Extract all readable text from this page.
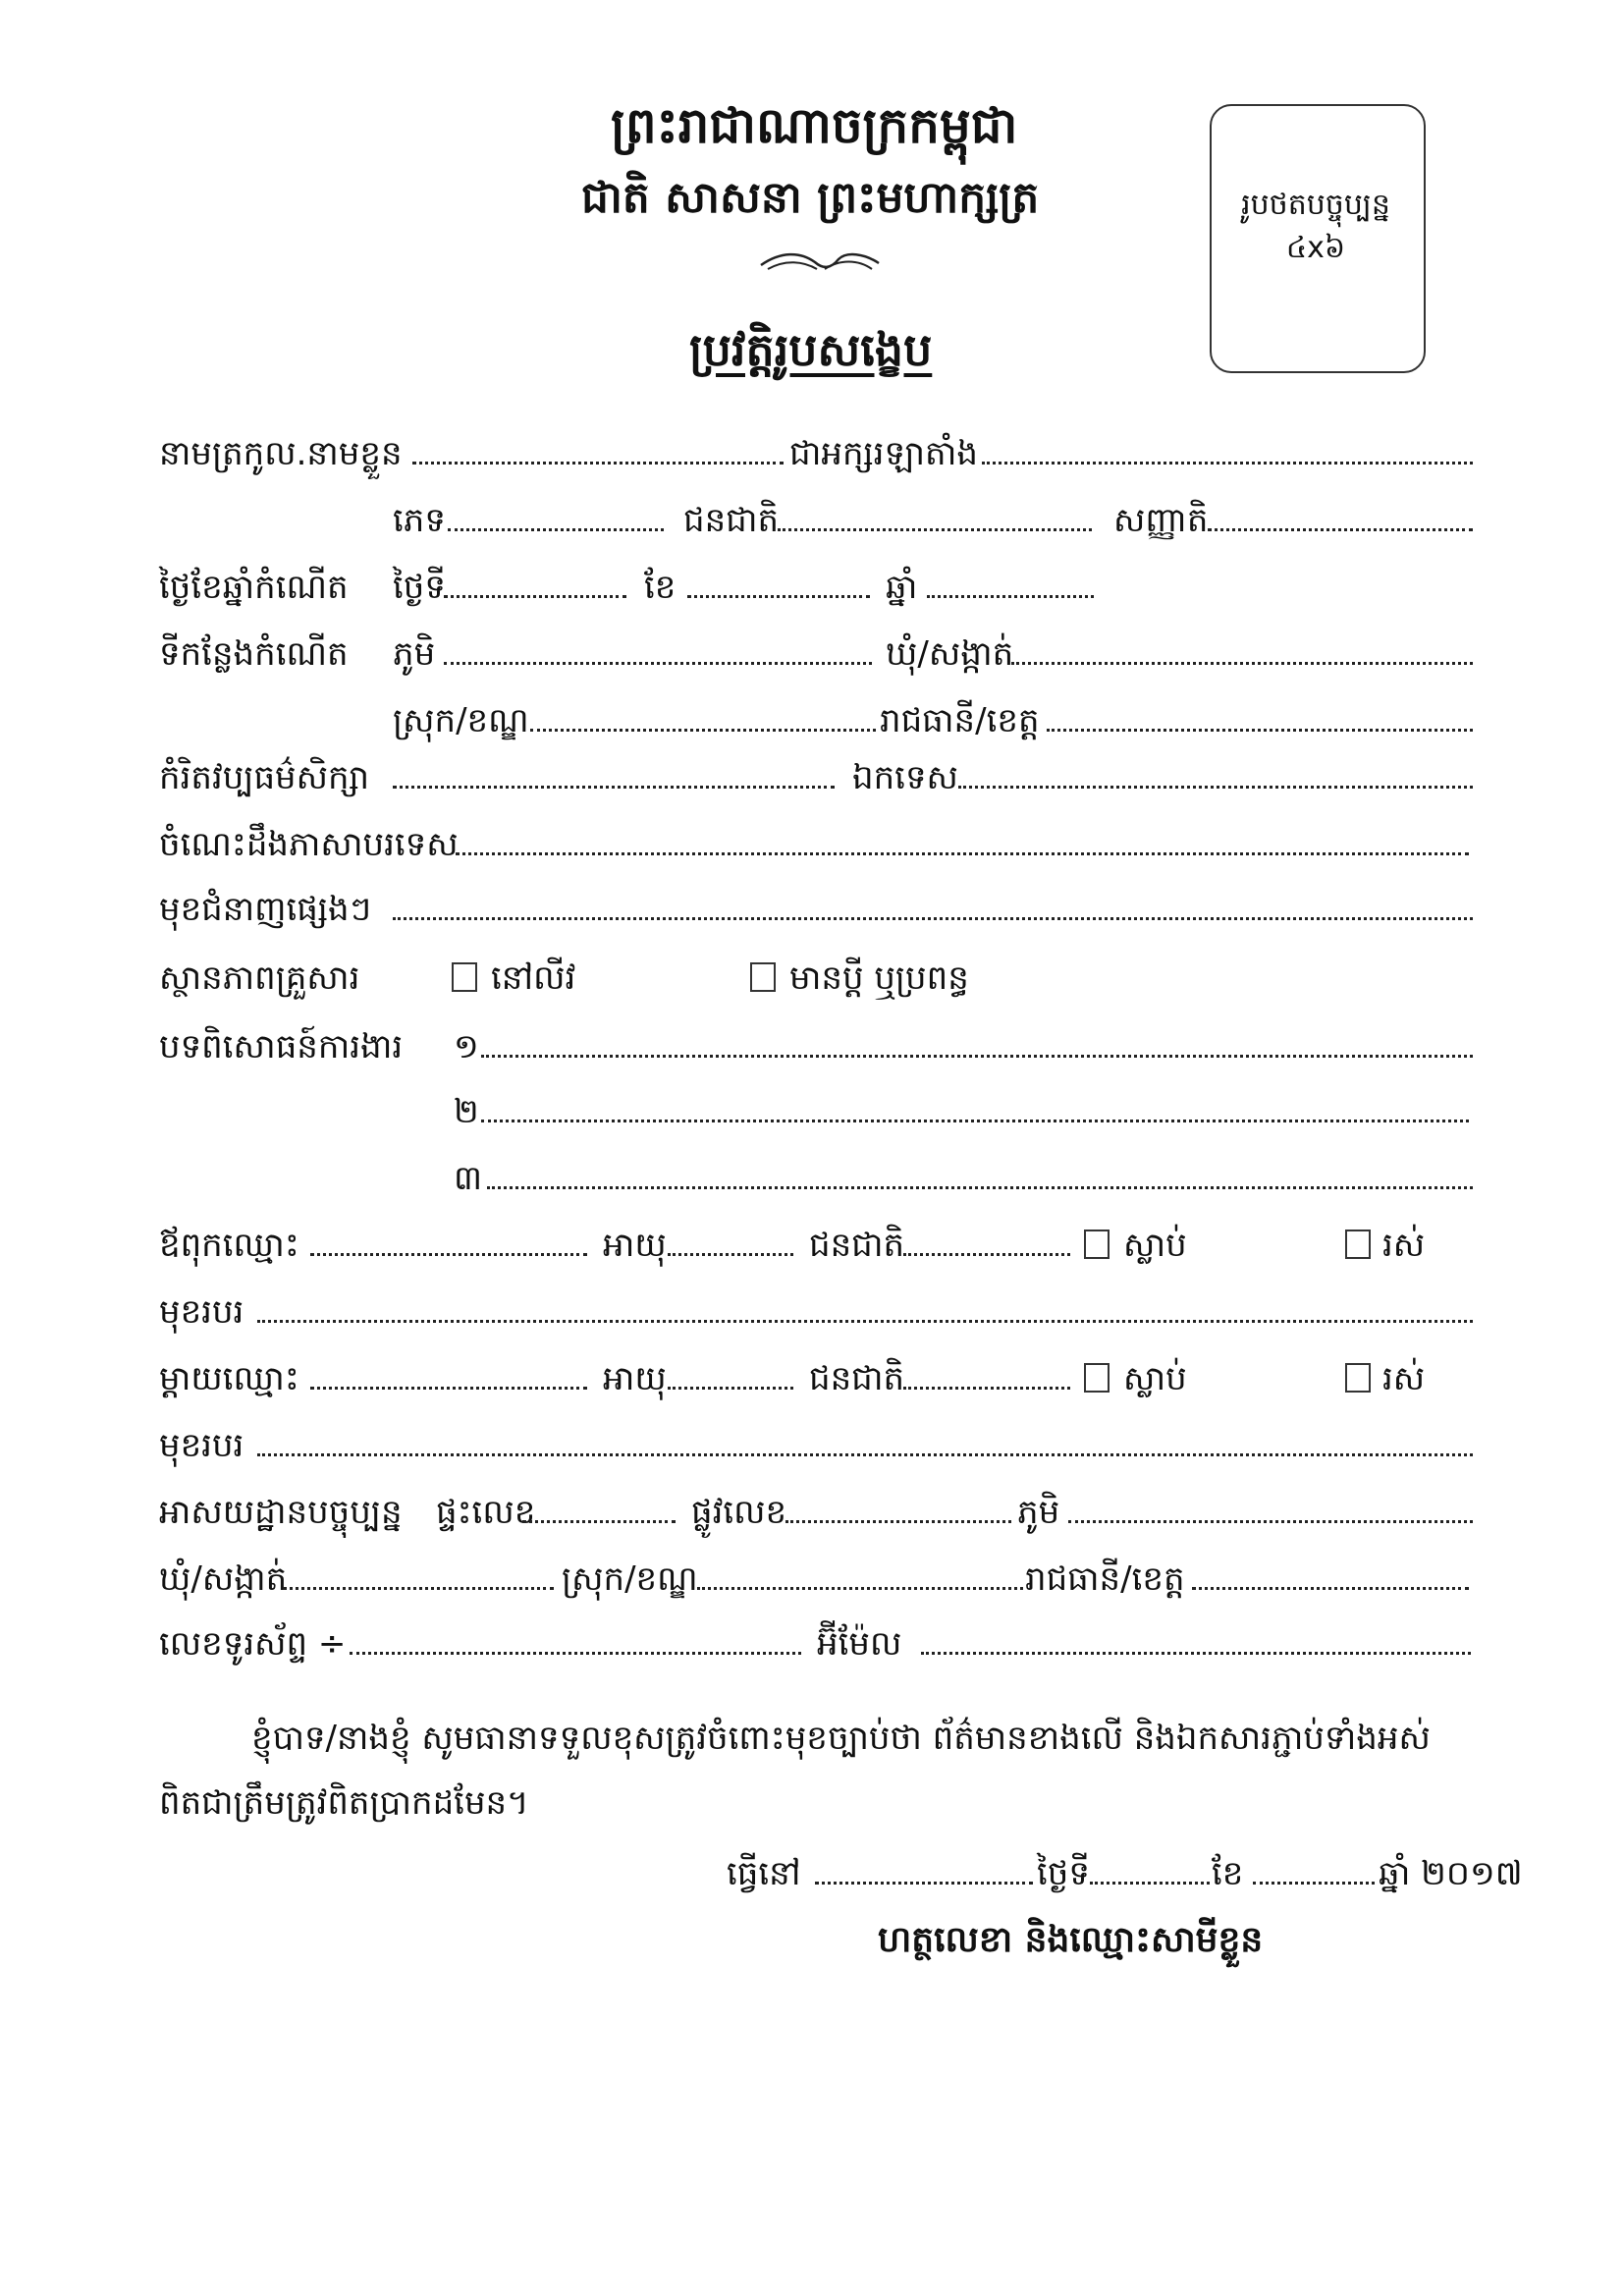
ព្រះរាជាណាចក្រកម្ពុជា
ជាតិ សាសនា ព្រះមហាក្សត្រ
ប្រវត្តិរូបសង្ខេប
រូបថតបច្ចុប្បន្ន
៤x៦
នាមត្រកូល.នាមខ្លួន	ជាអក្សរឡាតាំង
ភេទ	ជនជាតិ	សញ្ញាតិ
ថ្ងៃខែឆ្នាំកំណើត ថ្ងៃទី	ខែ	ឆ្នាំ
ទីកន្លែងកំណើត ភូមិ	ឃុំ/សង្កាត់
ស្រុក/ខណ្ឌ	រាជធានី/ខេត្ត
កំរិតវប្បធម៌សិក្សា	ឯកទេស
ចំណេះដឹងភាសាបរទេស
មុខជំនាញផ្សេងៗ
ស្ថានភាពគ្រួសារ	នៅលីវ	មានប្តី ឬប្រពន្ធ
បទពិសោធន៍ការងារ ១
២
៣
ឪពុកឈ្មោះ	អាយុ	ជនជាតិ	ស្លាប់	រស់
មុខរបរ
ម្តាយឈ្មោះ	អាយុ	ជនជាតិ	ស្លាប់	រស់
មុខរបរ
អាសយដ្ឋានបច្ចុប្បន្ន ផ្ទះលេខ	ផ្លូវលេខ	ភូមិ
ឃុំ/សង្កាត់	ស្រុក/ខណ្ឌ	រាជធានី/ខេត្ត
លេខទូរស័ព្ទ ÷	អ៊ីម៉ែល
ខ្ញុំបាទ/នាងខ្ញុំ សូមធានាទទួលខុសត្រូវចំពោះមុខច្បាប់ថា ព័ត៌មានខាងលើ និងឯកសារភ្ជាប់ទាំងអស់
ពិតជាត្រឹមត្រូវពិតប្រាកដមែន។
ធ្វើនៅ	ថ្ងៃទី	ខែ	ឆ្នាំ ២០១៧
ហត្ថលេខា និងឈ្មោះសាមីខ្លួន
